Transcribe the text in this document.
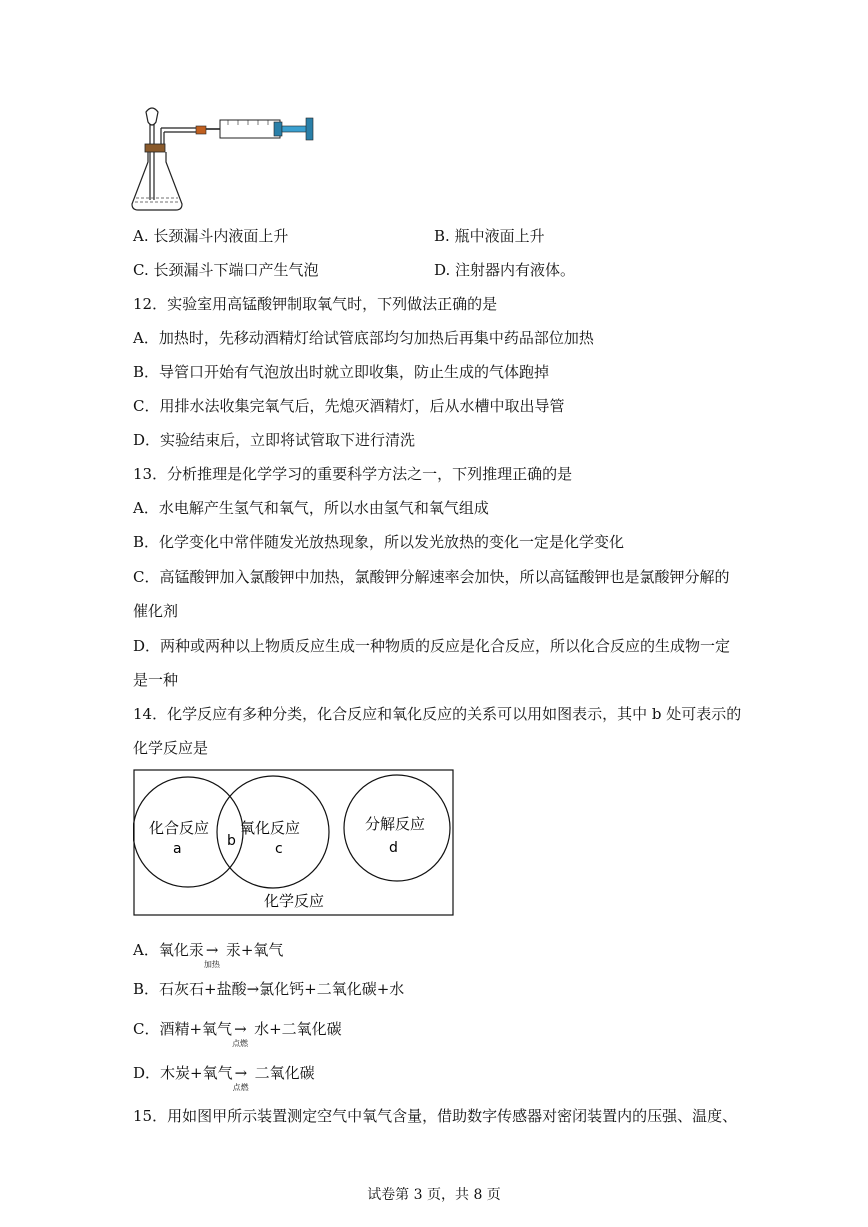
A. 长颈漏斗内液面上升	B. 瓶中液面上升
C. 长颈漏斗下端口产生气泡	D. 注射器内有液体。
12．实验室用高锰酸钾制取氧气时，下列做法正确的是
A．加热时，先移动酒精灯给试管底部均匀加热后再集中药品部位加热
B．导管口开始有气泡放出时就立即收集，防止生成的气体跑掉
C．用排水法收集完氧气后，先熄灭酒精灯，后从水槽中取出导管
D．实验结束后，立即将试管取下进行清洗
13．分析推理是化学学习的重要科学方法之一，下列推理正确的是
A．水电解产生氢气和氧气，所以水由氢气和氧气组成
B．化学变化中常伴随发光放热现象，所以发光放热的变化一定是化学变化
C．高锰酸钾加入氯酸钾中加热，氯酸钾分解速率会加快，所以高锰酸钾也是氯酸钾分解的
催化剂
D．两种或两种以上物质反应生成一种物质的反应是化合反应，所以化合反应的生成物一定
是一种
14．化学反应有多种分类，化合反应和氧化反应的关系可以用如图表示，其中 b 处可表示的
化学反应是
化合反应
a	b
氧化反应
c
分解反应
d
化学反应
A．氧化汞 →
加热
汞+氧气
B．石灰石+盐酸→氯化钙+二氧化碳+水
C．酒精+氧气 →
点燃
水+二氧化碳
D．木炭+氧气 →
点燃
二氧化碳
15．用如图甲所示装置测定空气中氧气含量，借助数字传感器对密闭装置内的压强、温度、
试卷第 3 页，共 8 页
